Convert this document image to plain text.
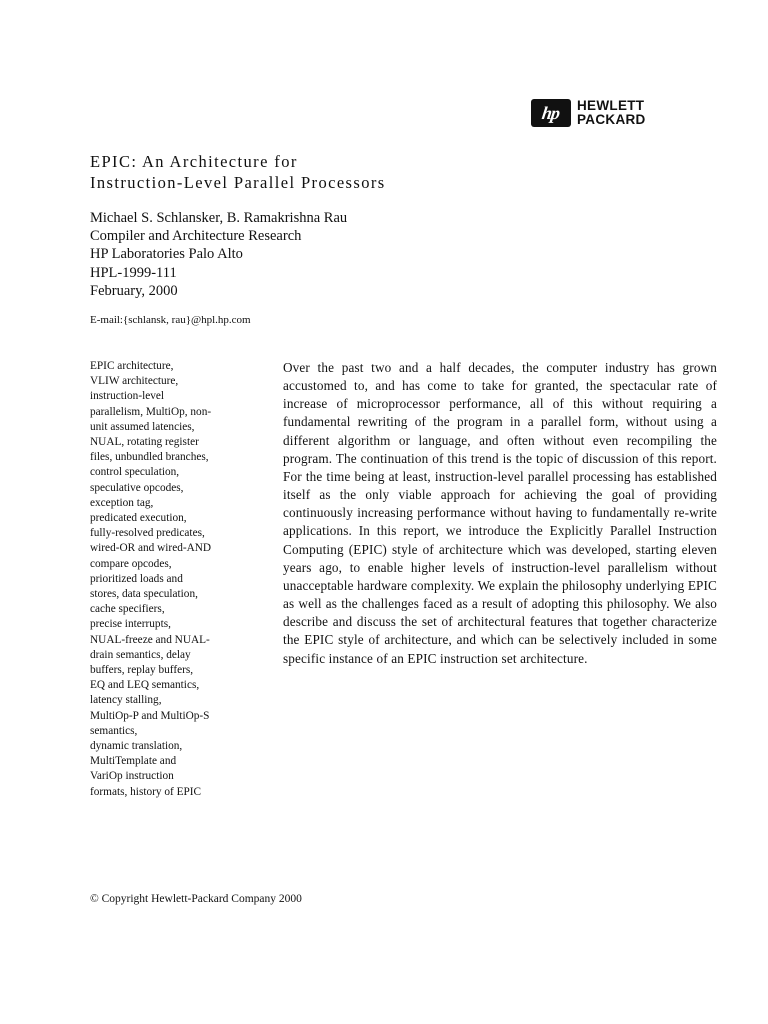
hp HEWLETT
PACKARD
EPIC: An Architecture for
Instruction-Level Parallel Processors
Michael S. Schlansker, B. Ramakrishna Rau
Compiler and Architecture Research
HP Laboratories Palo Alto
HPL-1999-111
February, 2000
E-mail:{schlansk, rau}@hpl.hp.com
EPIC architecture,
VLIW architecture,
instruction-level
parallelism, MultiOp, non-
unit assumed latencies,
NUAL, rotating register
files, unbundled branches,
control speculation,
speculative opcodes,
exception tag,
predicated execution,
fully-resolved predicates,
wired-OR and wired-AND
compare opcodes,
prioritized loads and
stores, data speculation,
cache specifiers,
precise interrupts,
NUAL-freeze and NUAL-
drain semantics, delay
buffers, replay buffers,
EQ and LEQ semantics,
latency stalling,
MultiOp-P and MultiOp-S
semantics,
dynamic translation,
MultiTemplate and
VariOp instruction
formats, history of EPIC

Over the past two and a half decades, the computer industry has grown accustomed to, and has come to take for granted, the spectacular rate of increase of microprocessor performance, all of this without requiring a fundamental rewriting of the program in a parallel form, without using a different algorithm or language, and often without even recompiling the program. The continuation of this trend is the topic of discussion of this report. For the time being at least, instruction-level parallel processing has established itself as the only viable approach for achieving the goal of providing continuously increasing performance without having to fundamentally re-write applications. In this report, we introduce the Explicitly Parallel Instruction Computing (EPIC) style of architecture which was developed, starting eleven years ago, to enable higher levels of instruction-level parallelism without unacceptable hardware complexity. We explain the philosophy underlying EPIC as well as the challenges faced as a result of adopting this philosophy. We also describe and discuss the set of architectural features that together characterize the EPIC style of architecture, and which can be selectively included in some specific instance of an EPIC instruction set architecture.

© Copyright Hewlett-Packard Company 2000
